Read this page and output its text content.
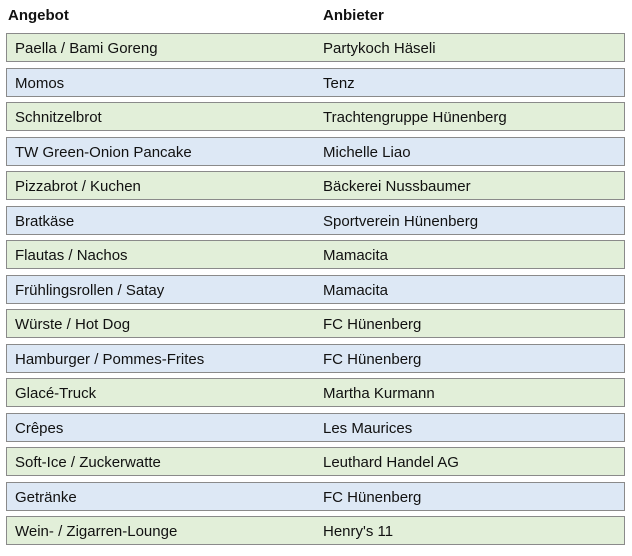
Angebot	Anbieter
Paella / Bami Goreng	Partykoch Häseli
Momos	Tenz
Schnitzelbrot	Trachtengruppe Hünenberg
TW Green-Onion Pancake	Michelle Liao
Pizzabrot / Kuchen	Bäckerei Nussbaumer
Bratkäse	Sportverein Hünenberg
Flautas / Nachos	Mamacita
Frühlingsrollen / Satay	Mamacita
Würste / Hot Dog	FC Hünenberg
Hamburger / Pommes-Frites	FC Hünenberg
Glacé-Truck	Martha Kurmann
Crêpes	Les Maurices
Soft-Ice / Zuckerwatte	Leuthard Handel AG
Getränke	FC Hünenberg
Wein- / Zigarren-Lounge	Henry's 11
